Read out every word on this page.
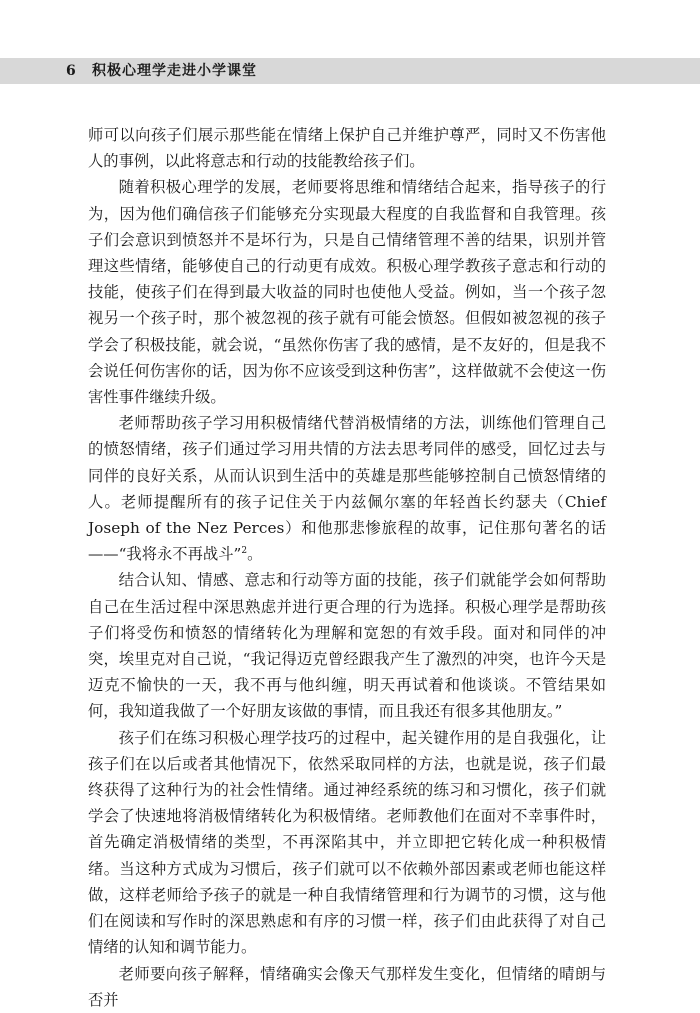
6 积极心理学走进小学课堂

师可以向孩子们展示那些能在情绪上保护自己并维护尊严，同时又不伤害他人的事例，以此将意志和行动的技能教给孩子们。

随着积极心理学的发展，老师要将思维和情绪结合起来，指导孩子的行为，因为他们确信孩子们能够充分实现最大程度的自我监督和自我管理。孩子们会意识到愤怒并不是坏行为，只是自己情绪管理不善的结果，识别并管理这些情绪，能够使自己的行动更有成效。积极心理学教孩子意志和行动的技能，使孩子们在得到最大收益的同时也使他人受益。例如，当一个孩子忽视另一个孩子时，那个被忽视的孩子就有可能会愤怒。但假如被忽视的孩子学会了积极技能，就会说，“虽然你伤害了我的感情，是不友好的，但是我不会说任何伤害你的话，因为你不应该受到这种伤害”，这样做就不会使这一伤害性事件继续升级。

老师帮助孩子学习用积极情绪代替消极情绪的方法，训练他们管理自己的愤怒情绪，孩子们通过学习用共情的方法去思考同伴的感受，回忆过去与同伴的良好关系，从而认识到生活中的英雄是那些能够控制自己愤怒情绪的人。老师提醒所有的孩子记住关于内兹佩尔塞的年轻酋长约瑟夫（Chief Joseph of the Nez Perces）和他那悲惨旅程的故事，记住那句著名的话——“我将永不再战斗”$^2$。

结合认知、情感、意志和行动等方面的技能，孩子们就能学会如何帮助自己在生活过程中深思熟虑并进行更合理的行为选择。积极心理学是帮助孩子们将受伤和愤怒的情绪转化为理解和宽恕的有效手段。面对和同伴的冲突，埃里克对自己说，“我记得迈克曾经跟我产生了激烈的冲突，也许今天是迈克不愉快的一天，我不再与他纠缠，明天再试着和他谈谈。不管结果如何，我知道我做了一个好朋友该做的事情，而且我还有很多其他朋友。”

孩子们在练习积极心理学技巧的过程中，起关键作用的是自我强化，让孩子们在以后或者其他情况下，依然采取同样的方法，也就是说，孩子们最终获得了这种行为的社会性情绪。通过神经系统的练习和习惯化，孩子们就学会了快速地将消极情绪转化为积极情绪。老师教他们在面对不幸事件时，首先确定消极情绪的类型，不再深陷其中，并立即把它转化成一种积极情绪。当这种方式成为习惯后，孩子们就可以不依赖外部因素或老师也能这样做，这样老师给予孩子的就是一种自我情绪管理和行为调节的习惯，这与他们在阅读和写作时的深思熟虑和有序的习惯一样，孩子们由此获得了对自己情绪的认知和调节能力。

老师要向孩子解释，情绪确实会像天气那样发生变化，但情绪的晴朗与否并
